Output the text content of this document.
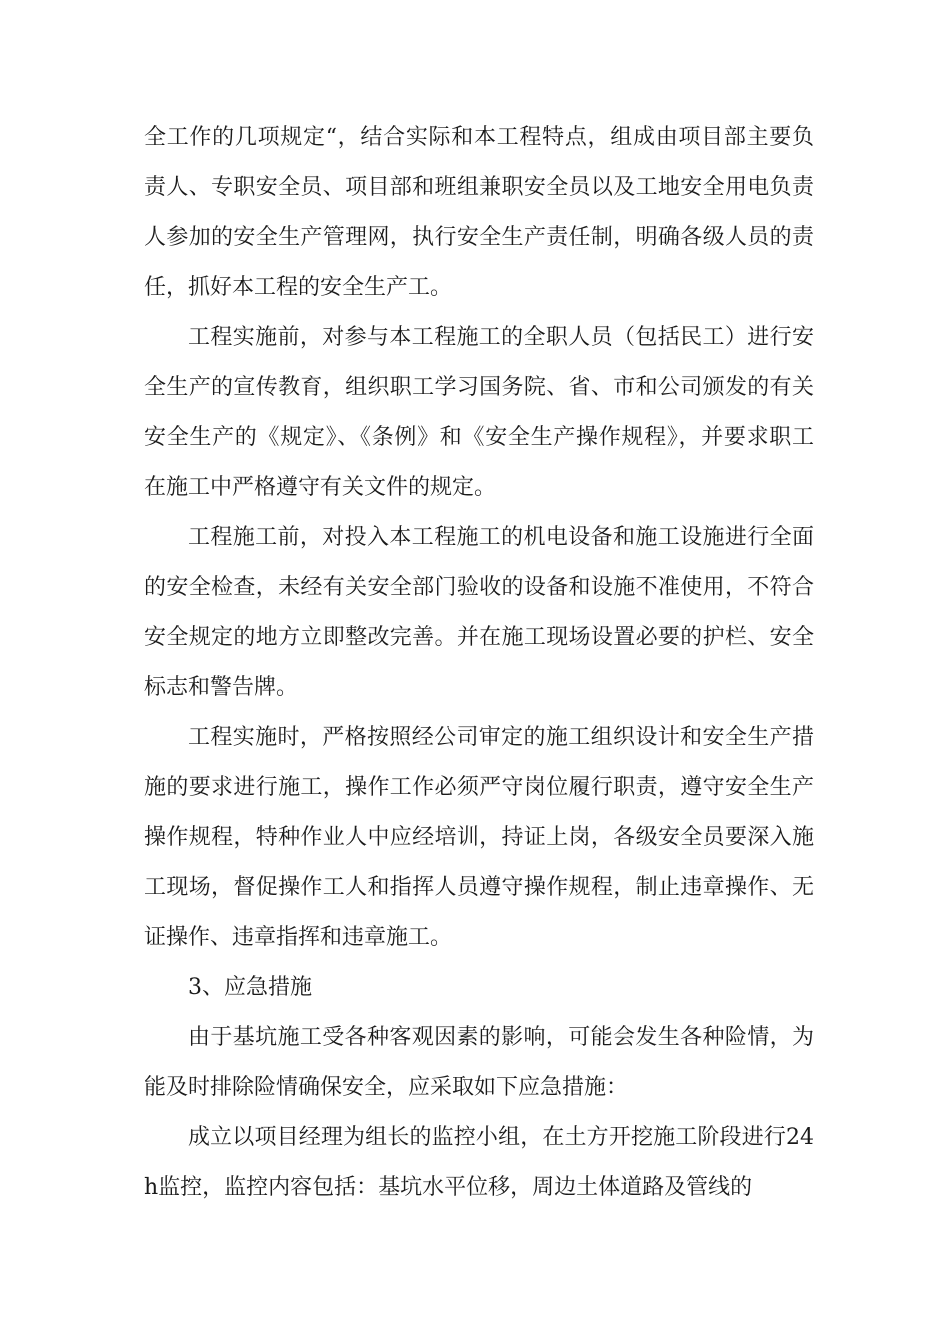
全工作的几项规定“，结合实际和本工程特点，组成由项目部主要负责人、专职安全员、项目部和班组兼职安全员以及工地安全用电负责人参加的安全生产管理网，执行安全生产责任制，明确各级人员的责任，抓好本工程的安全生产工。

工程实施前，对参与本工程施工的全职人员（包括民工）进行安全生产的宣传教育，组织职工学习国务院、省、市和公司颁发的有关安全生产的《规定》、《条例》和《安全生产操作规程》，并要求职工在施工中严格遵守有关文件的规定。

工程施工前，对投入本工程施工的机电设备和施工设施进行全面的安全检查，未经有关安全部门验收的设备和设施不准使用，不符合安全规定的地方立即整改完善。并在施工现场设置必要的护栏、安全标志和警告牌。

工程实施时，严格按照经公司审定的施工组织设计和安全生产措施的要求进行施工，操作工作必须严守岗位履行职责，遵守安全生产操作规程，特种作业人中应经培训，持证上岗，各级安全员要深入施工现场，督促操作工人和指挥人员遵守操作规程，制止违章操作、无证操作、违章指挥和违章施工。

3、应急措施

由于基坑施工受各种客观因素的影响，可能会发生各种险情，为能及时排除险情确保安全，应采取如下应急措施：

成立以项目经理为组长的监控小组，在土方开挖施工阶段进行24 h监控，监控内容包括：基坑水平位移，周边土体道路及管线的
